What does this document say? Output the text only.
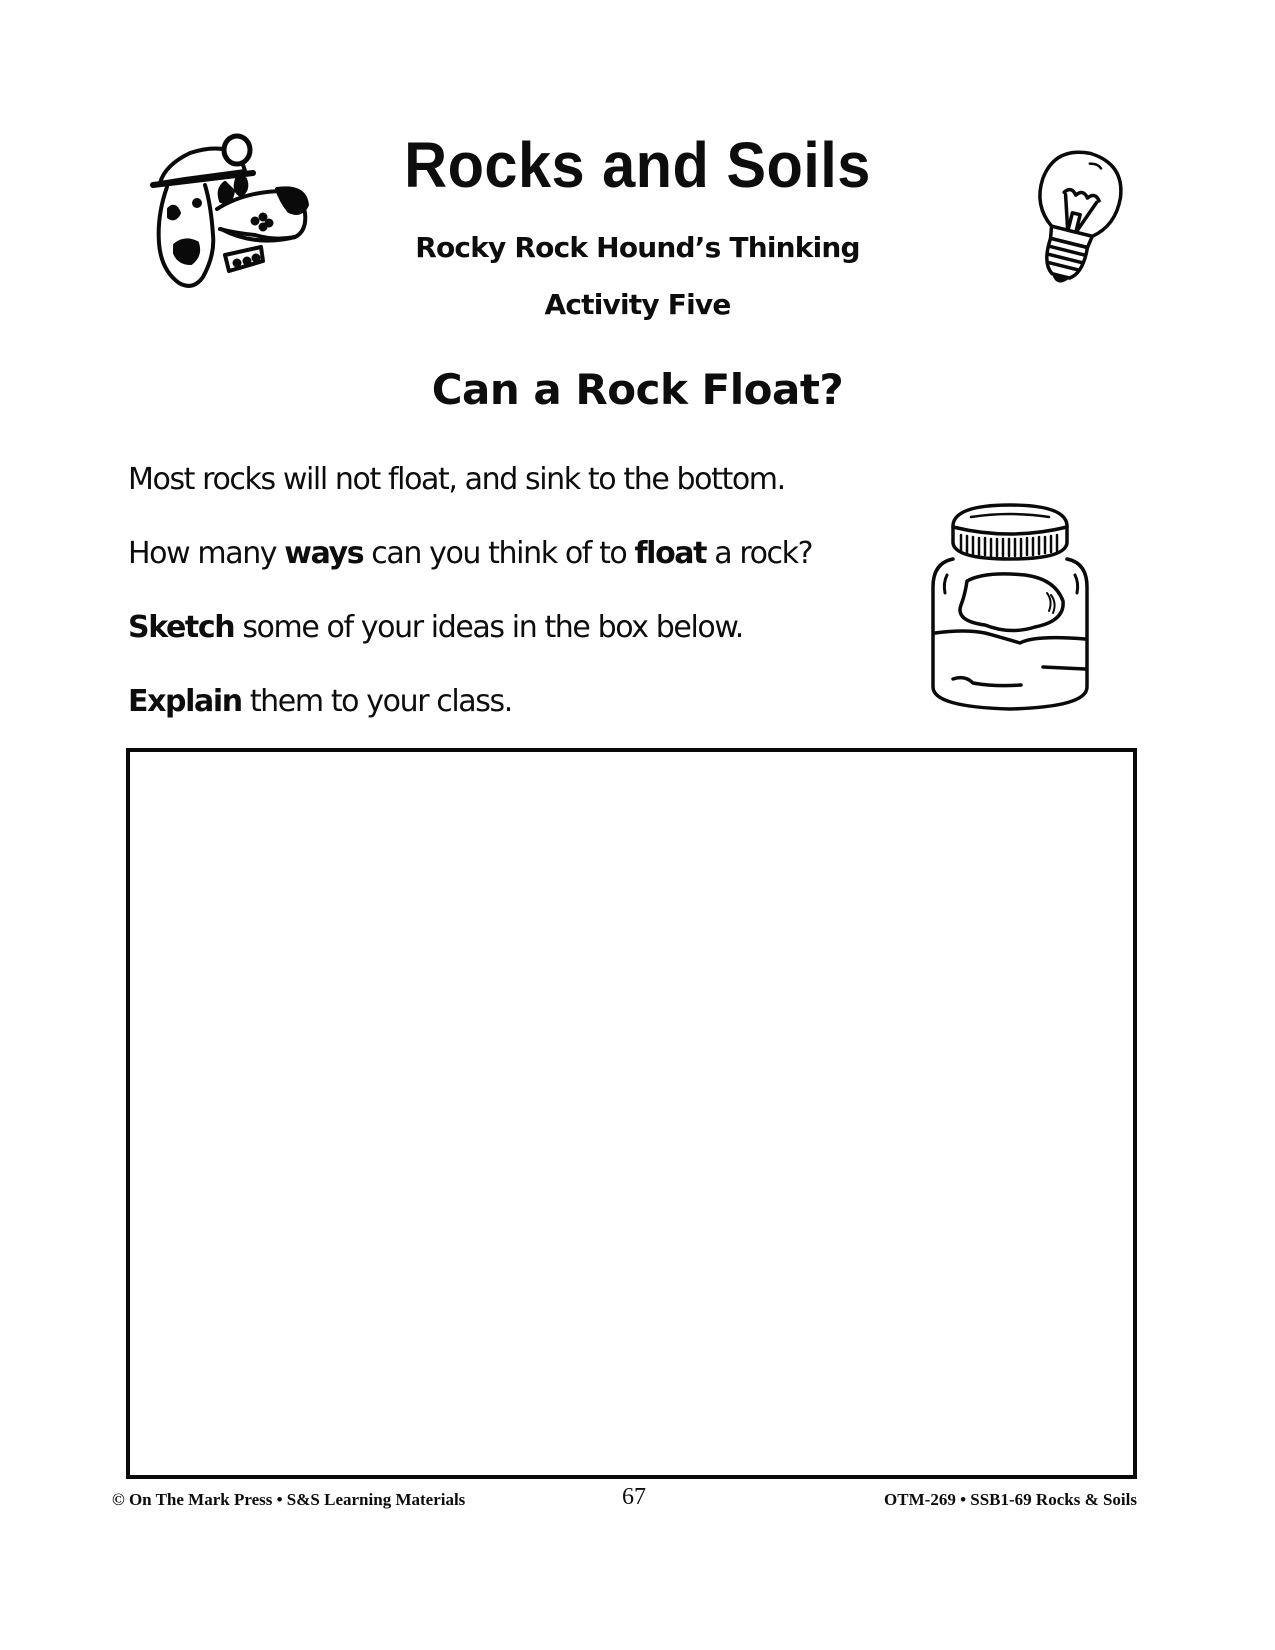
Rocks and Soils
Rocky Rock Hound’s Thinking
Activity Five
Can a Rock Float?
Most rocks will not float, and sink to the bottom.
How many ways can you think of to float a rock?
Sketch some of your ideas in the box below.
Explain them to your class.
© On The Mark Press • S&S Learning Materials	67	OTM-269 • SSB1-69 Rocks & Soils
